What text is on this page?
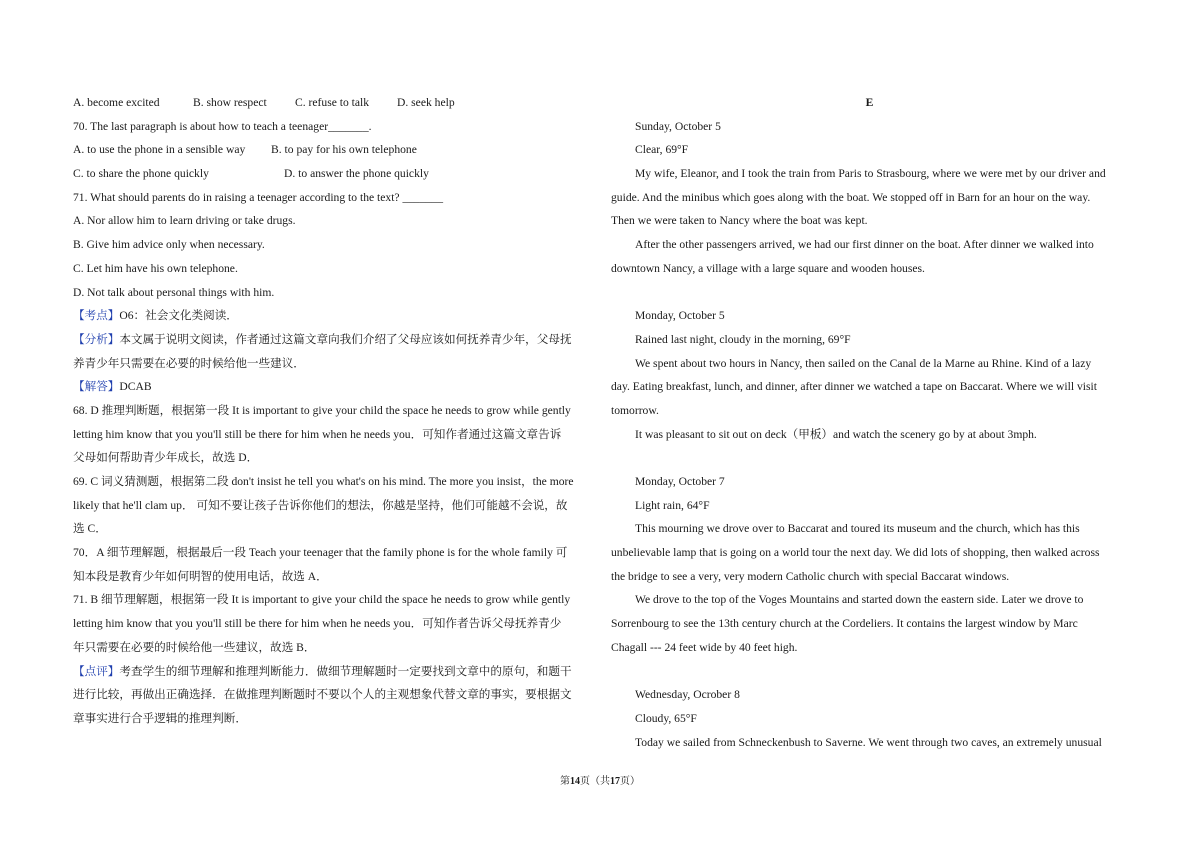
A. become excited	B. show respect C. refuse to talk D. seek help
70. The last paragraph is about how to teach a teenager_______.
A. to use the phone in a sensible way B. to pay for his own telephone
C. to share the phone quickly	D. to answer the phone quickly
71. What should parents do in raising a teenager according to the text? _______
A. Nor allow him to learn driving or take drugs.
B. Give him advice only when necessary.
C. Let him have his own telephone.
D. Not talk about personal things with him.
【考点】O6：社会文化类阅读．
【分析】本文属于说明文阅读，作者通过这篇文章向我们介绍了父母应该如何抚养青少年，父母抚
养青少年只需要在必要的时候给他一些建议．
【解答】DCAB
68. D 推理判断题，根据第一段 It is important to give your child the space he needs to grow while gently
letting him know that you you'll still be there for him when he needs you．可知作者通过这篇文章告诉
父母如何帮助青少年成长，故选 D．
69. C 词义猜测题，根据第二段 don't insist he tell you what's on his mind. The more you insist，the more
likely that he'll clam up． 可知不要让孩子告诉你他们的想法，你越是坚持，他们可能越不会说，故
选 C．
70．A 细节理解题，根据最后一段 Teach your teenager that the family phone is for the whole family 可
知本段是教育少年如何明智的使用电话，故选 A．
71. B 细节理解题，根据第一段 It is important to give your child the space he needs to grow while gently
letting him know that you you'll still be there for him when he needs you．可知作者告诉父母抚养青少
年只需要在必要的时候给他一些建议，故选 B．
【点评】考查学生的细节理解和推理判断能力．做细节理解题时一定要找到文章中的原句，和题干
进行比较，再做出正确选择．在做推理判断题时不要以个人的主观想象代替文章的事实，要根据文
章事实进行合乎逻辑的推理判断．
E
Sunday, October 5
Clear, 69°F
My wife, Eleanor, and I took the train from Paris to Strasbourg, where we were met by our driver and
guide. And the minibus which goes along with the boat. We stopped off in Barn for an hour on the way.
Then we were taken to Nancy where the boat was kept.
After the other passengers arrived, we had our first dinner on the boat. After dinner we walked into
downtown Nancy, a village with a large square and wooden houses.
Monday, October 5
Rained last night, cloudy in the morning, 69°F
We spent about two hours in Nancy, then sailed on the Canal de la Marne au Rhine. Kind of a lazy
day. Eating breakfast, lunch, and dinner, after dinner we watched a tape on Baccarat. Where we will visit
tomorrow.
It was pleasant to sit out on deck（甲板）and watch the scenery go by at about 3mph.
Monday, October 7
Light rain, 64°F
This mourning we drove over to Baccarat and toured its museum and the church, which has this
unbelievable lamp that is going on a world tour the next day. We did lots of shopping, then walked across
the bridge to see a very, very modern Catholic church with special Baccarat windows.
We drove to the top of the Voges Mountains and started down the eastern side. Later we drove to
Sorrenbourg to see the 13th century church at the Cordeliers. It contains the largest window by Marc
Chagall --- 24 feet wide by 40 feet high.
Wednesday, Ocrober 8
Cloudy, 65°F
Today we sailed from Schneckenbush to Saverne. We went through two caves, an extremely unusual
第14页（共17页）
